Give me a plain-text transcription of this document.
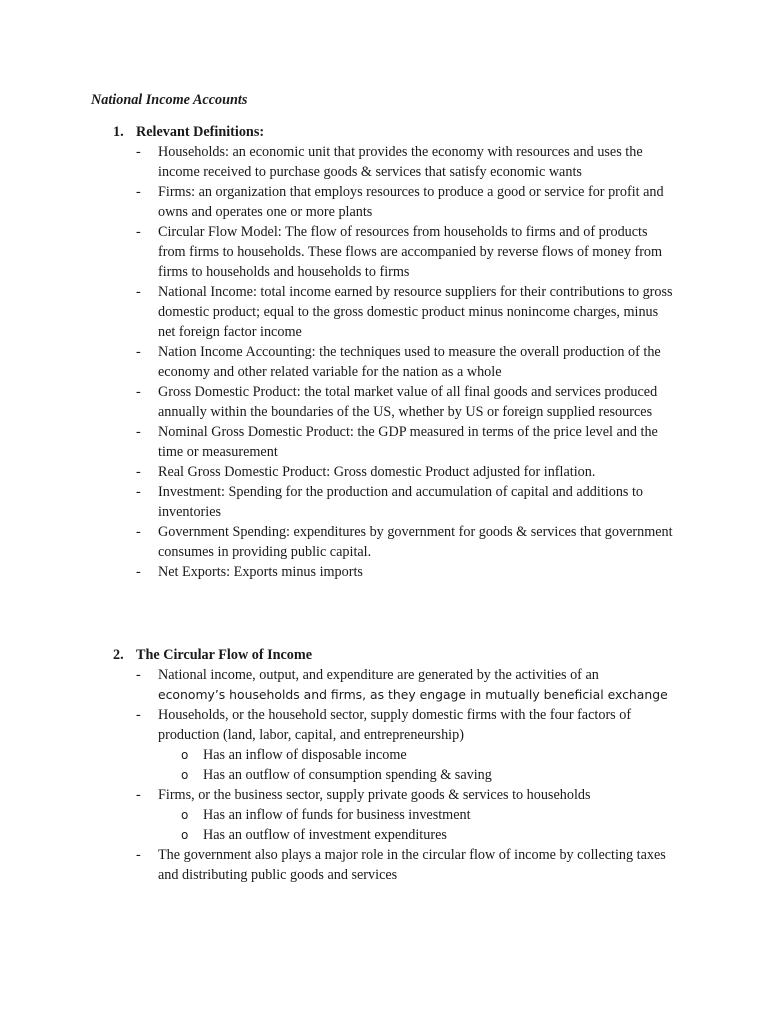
National Income Accounts
1. Relevant Definitions:
- Households: an economic unit that provides the economy with resources and uses the income received to purchase goods & services that satisfy economic wants
- Firms: an organization that employs resources to produce a good or service for profit and owns and operates one or more plants
- Circular Flow Model: The flow of resources from households to firms and of products from firms to households. These flows are accompanied by reverse flows of money from firms to households and households to firms
- National Income: total income earned by resource suppliers for their contributions to gross domestic product; equal to the gross domestic product minus nonincome charges, minus net foreign factor income
- Nation Income Accounting: the techniques used to measure the overall production of the economy and other related variable for the nation as a whole
- Gross Domestic Product: the total market value of all final goods and services produced annually within the boundaries of the US, whether by US or foreign supplied resources
- Nominal Gross Domestic Product: the GDP measured in terms of the price level and the time or measurement
- Real Gross Domestic Product: Gross domestic Product adjusted for inflation.
- Investment: Spending for the production and accumulation of capital and additions to inventories
- Government Spending: expenditures by government for goods & services that government consumes in providing public capital.
- Net Exports: Exports minus imports
2. The Circular Flow of Income
- National income, output, and expenditure are generated by the activities of an
economy’s households and firms, as they engage in mutually beneficial exchange
- Households, or the household sector, supply domestic firms with the four factors of production (land, labor, capital, and entrepreneurship)
o Has an inflow of disposable income
o Has an outflow of consumption spending & saving
- Firms, or the business sector, supply private goods & services to households
o Has an inflow of funds for business investment
o Has an outflow of investment expenditures
- The government also plays a major role in the circular flow of income by collecting taxes and distributing public goods and services
